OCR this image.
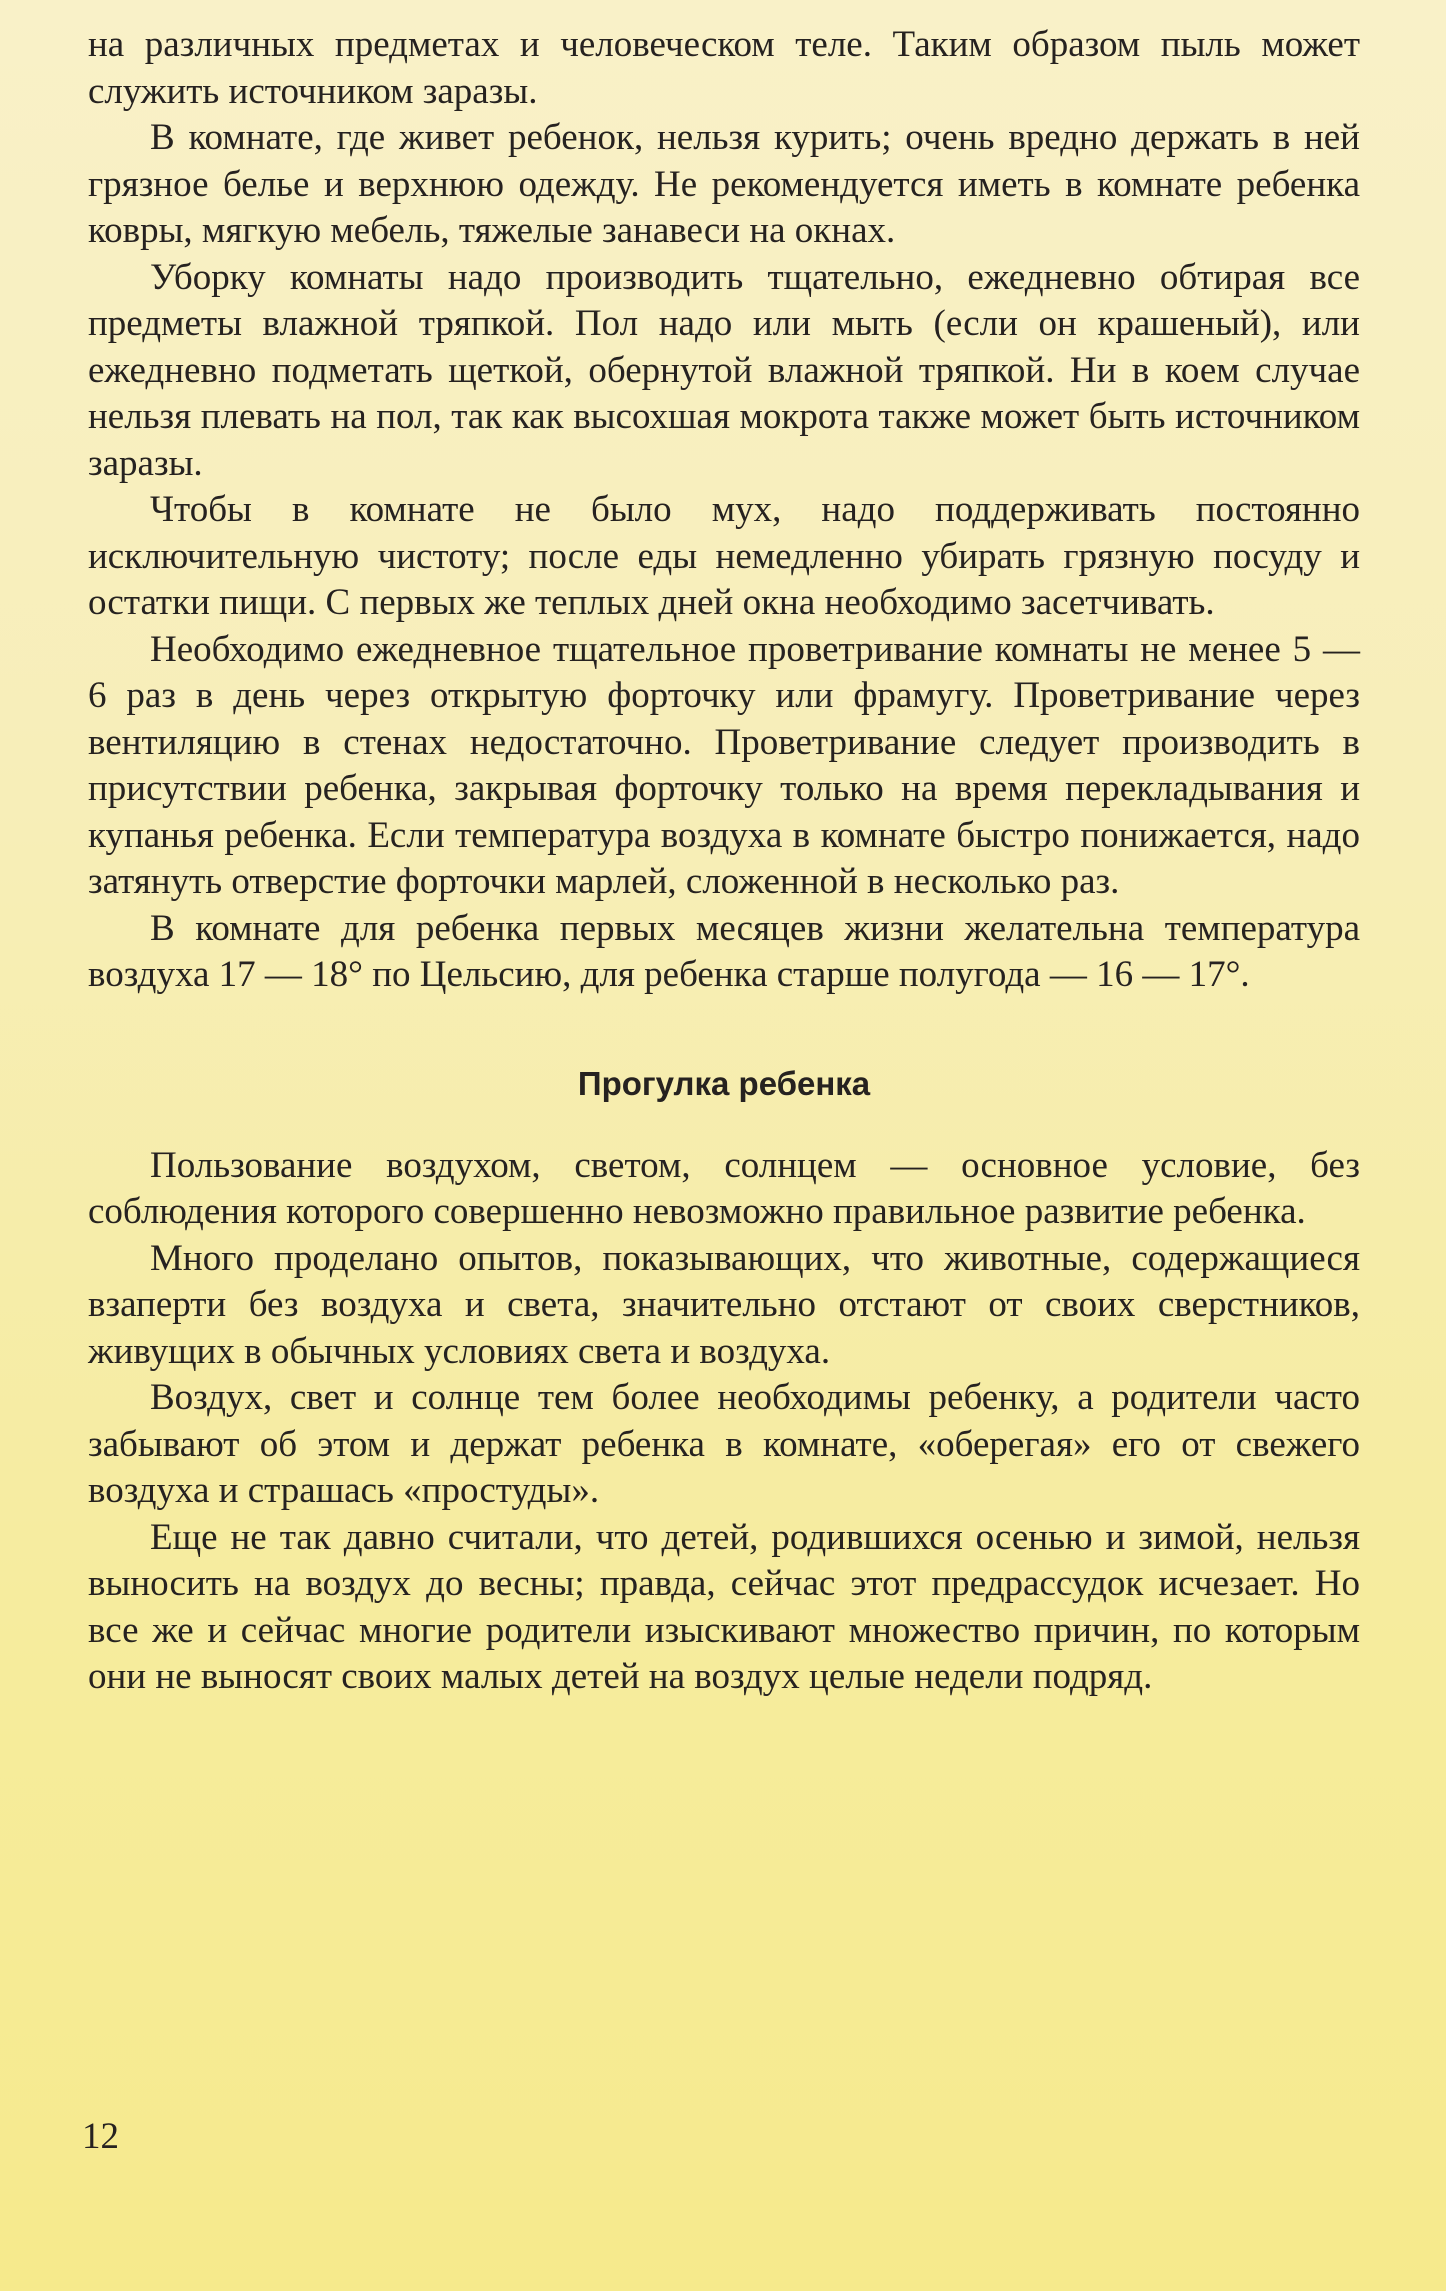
на различных предметах и человеческом теле. Таким образом пыль может служить источником заразы.

В комнате, где живет ребенок, нельзя курить; очень вредно держать в ней грязное белье и верхнюю одежду. Не рекомендуется иметь в комнате ребенка ковры, мягкую мебель, тяжелые занавеси на окнах.

Уборку комнаты надо производить тщательно, ежедневно обтирая все предметы влажной тряпкой. Пол надо или мыть (если он крашеный), или ежедневно подметать щеткой, обернутой влажной тряпкой. Ни в коем случае нельзя плевать на пол, так как высохшая мокрота также может быть источником заразы.

Чтобы в комнате не было мух, надо поддерживать постоянно исключительную чистоту; после еды немедленно убирать грязную посуду и остатки пищи. С первых же теплых дней окна необходимо засетчивать.

Необходимо ежедневное тщательное проветривание комнаты не менее 5 — 6 раз в день через открытую форточку или фрамугу. Проветривание через вентиляцию в стенах недостаточно. Проветривание следует производить в присутствии ребенка, закрывая форточку только на время перекладывания и купанья ребенка. Если температура воздуха в комнате быстро понижается, надо затянуть отверстие форточки марлей, сложенной в несколько раз.

В комнате для ребенка первых месяцев жизни желательна температура воздуха 17 — 18° по Цельсию, для ребенка старше полугода — 16 — 17°.

Прогулка ребенка

Пользование воздухом, светом, солнцем — основное условие, без соблюдения которого совершенно невозможно правильное развитие ребенка.

Много проделано опытов, показывающих, что животные, содержащиеся взаперти без воздуха и света, значительно отстают от своих сверстников, живущих в обычных условиях света и воздуха.

Воздух, свет и солнце тем более необходимы ребенку, а родители часто забывают об этом и держат ребенка в комнате, «оберегая» его от свежего воздуха и страшась «простуды».

Еще не так давно считали, что детей, родившихся осенью и зимой, нельзя выносить на воздух до весны; правда, сейчас этот предрассудок исчезает. Но все же и сейчас многие родители изыскивают множество причин, по которым они не выносят своих малых детей на воздух целые недели подряд.

12
